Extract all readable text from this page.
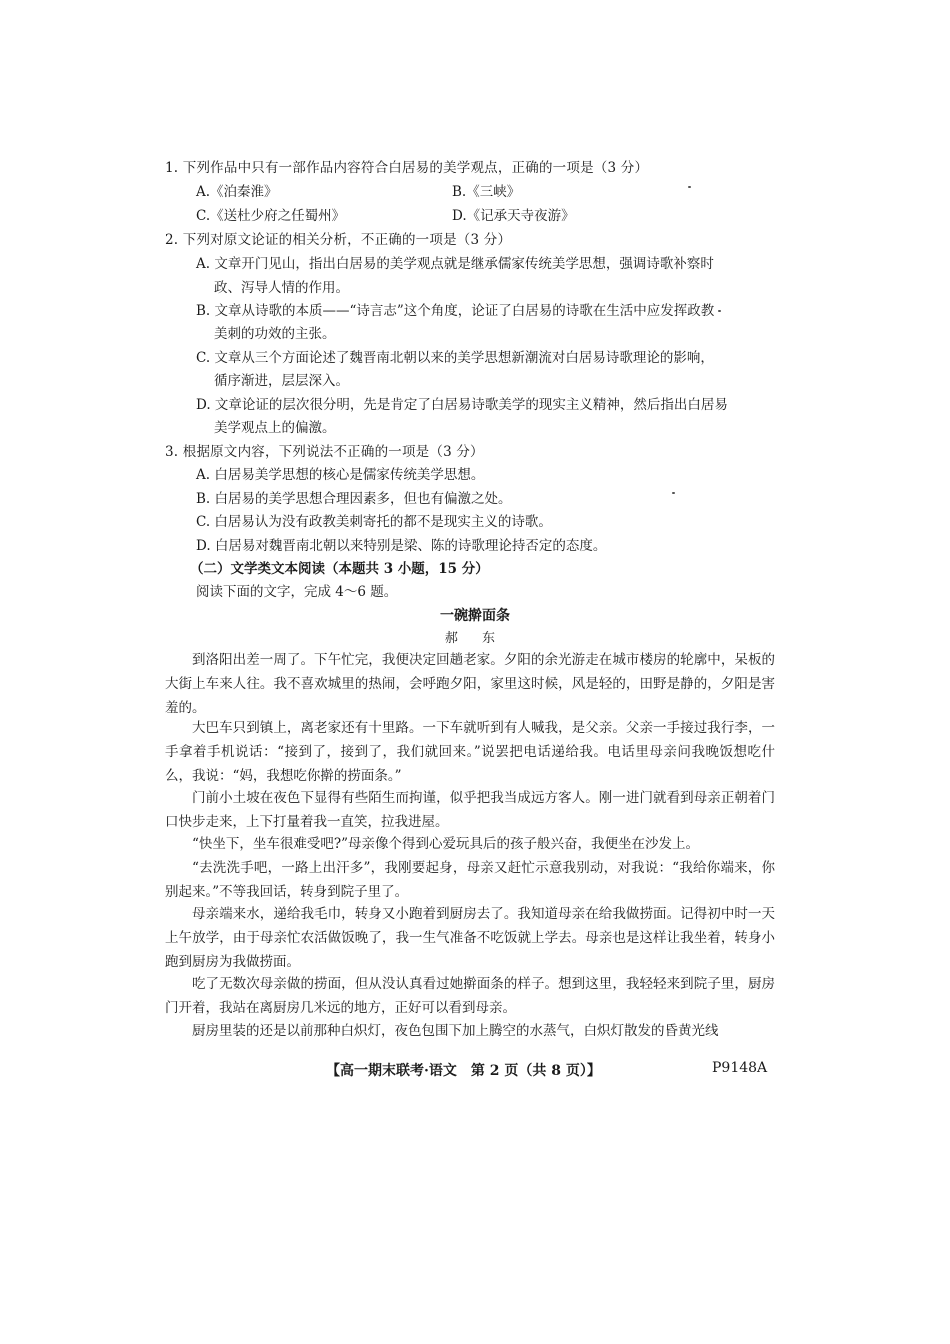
1. 下列作品中只有一部作品内容符合白居易的美学观点，正确的一项是（3 分）
A.《泊秦淮》	B.《三峡》
C.《送杜少府之任蜀州》	D.《记承天寺夜游》
2. 下列对原文论证的相关分析，不正确的一项是（3 分）
A. 文章开门见山，指出白居易的美学观点就是继承儒家传统美学思想，强调诗歌补察时
政、泻导人情的作用。
B. 文章从诗歌的本质——“诗言志”这个角度，论证了白居易的诗歌在生活中应发挥政教
美刺的功效的主张。
C. 文章从三个方面论述了魏晋南北朝以来的美学思想新潮流对白居易诗歌理论的影响，
循序渐进，层层深入。
D. 文章论证的层次很分明，先是肯定了白居易诗歌美学的现实主义精神，然后指出白居易
美学观点上的偏激。
3. 根据原文内容，下列说法不正确的一项是（3 分）
A. 白居易美学思想的核心是儒家传统美学思想。
B. 白居易的美学思想合理因素多，但也有偏激之处。
C. 白居易认为没有政教美刺寄托的都不是现实主义的诗歌。
D. 白居易对魏晋南北朝以来特别是梁、陈的诗歌理论持否定的态度。
（二）文学类文本阅读（本题共 3 小题，15 分）
阅读下面的文字，完成 4～6 题。
一碗擀面条
郝 东
到洛阳出差一周了。下午忙完，我便决定回趟老家。夕阳的余光游走在城市楼房的轮廓中，呆板的大街上车来人往。我不喜欢城里的热闹，会呼跑夕阳，家里这时候，风是轻的，田野是静的，夕阳是害羞的。
大巴车只到镇上，离老家还有十里路。一下车就听到有人喊我，是父亲。父亲一手接过我行李，一手拿着手机说话：“接到了，接到了，我们就回来。”说罢把电话递给我。电话里母亲问我晚饭想吃什么，我说：“妈，我想吃你擀的捞面条。”
门前小土坡在夜色下显得有些陌生而拘谨，似乎把我当成远方客人。刚一进门就看到母亲正朝着门口快步走来，上下打量着我一直笑，拉我进屋。
“快坐下，坐车很难受吧?”母亲像个得到心爱玩具后的孩子般兴奋，我便坐在沙发上。
“去洗洗手吧，一路上出汗多”，我刚要起身，母亲又赶忙示意我别动，对我说：“我给你端来，你别起来。”不等我回话，转身到院子里了。
母亲端来水，递给我毛巾，转身又小跑着到厨房去了。我知道母亲在给我做捞面。记得初中时一天上午放学，由于母亲忙农活做饭晚了，我一生气准备不吃饭就上学去。母亲也是这样让我坐着，转身小跑到厨房为我做捞面。
吃了无数次母亲做的捞面，但从没认真看过她擀面条的样子。想到这里，我轻轻来到院子里，厨房门开着，我站在离厨房几米远的地方，正好可以看到母亲。
厨房里装的还是以前那种白炽灯，夜色包围下加上腾空的水蒸气，白炽灯散发的昏黄光线
【高一期末联考·语文　第 2 页（共 8 页）】	P9148A
